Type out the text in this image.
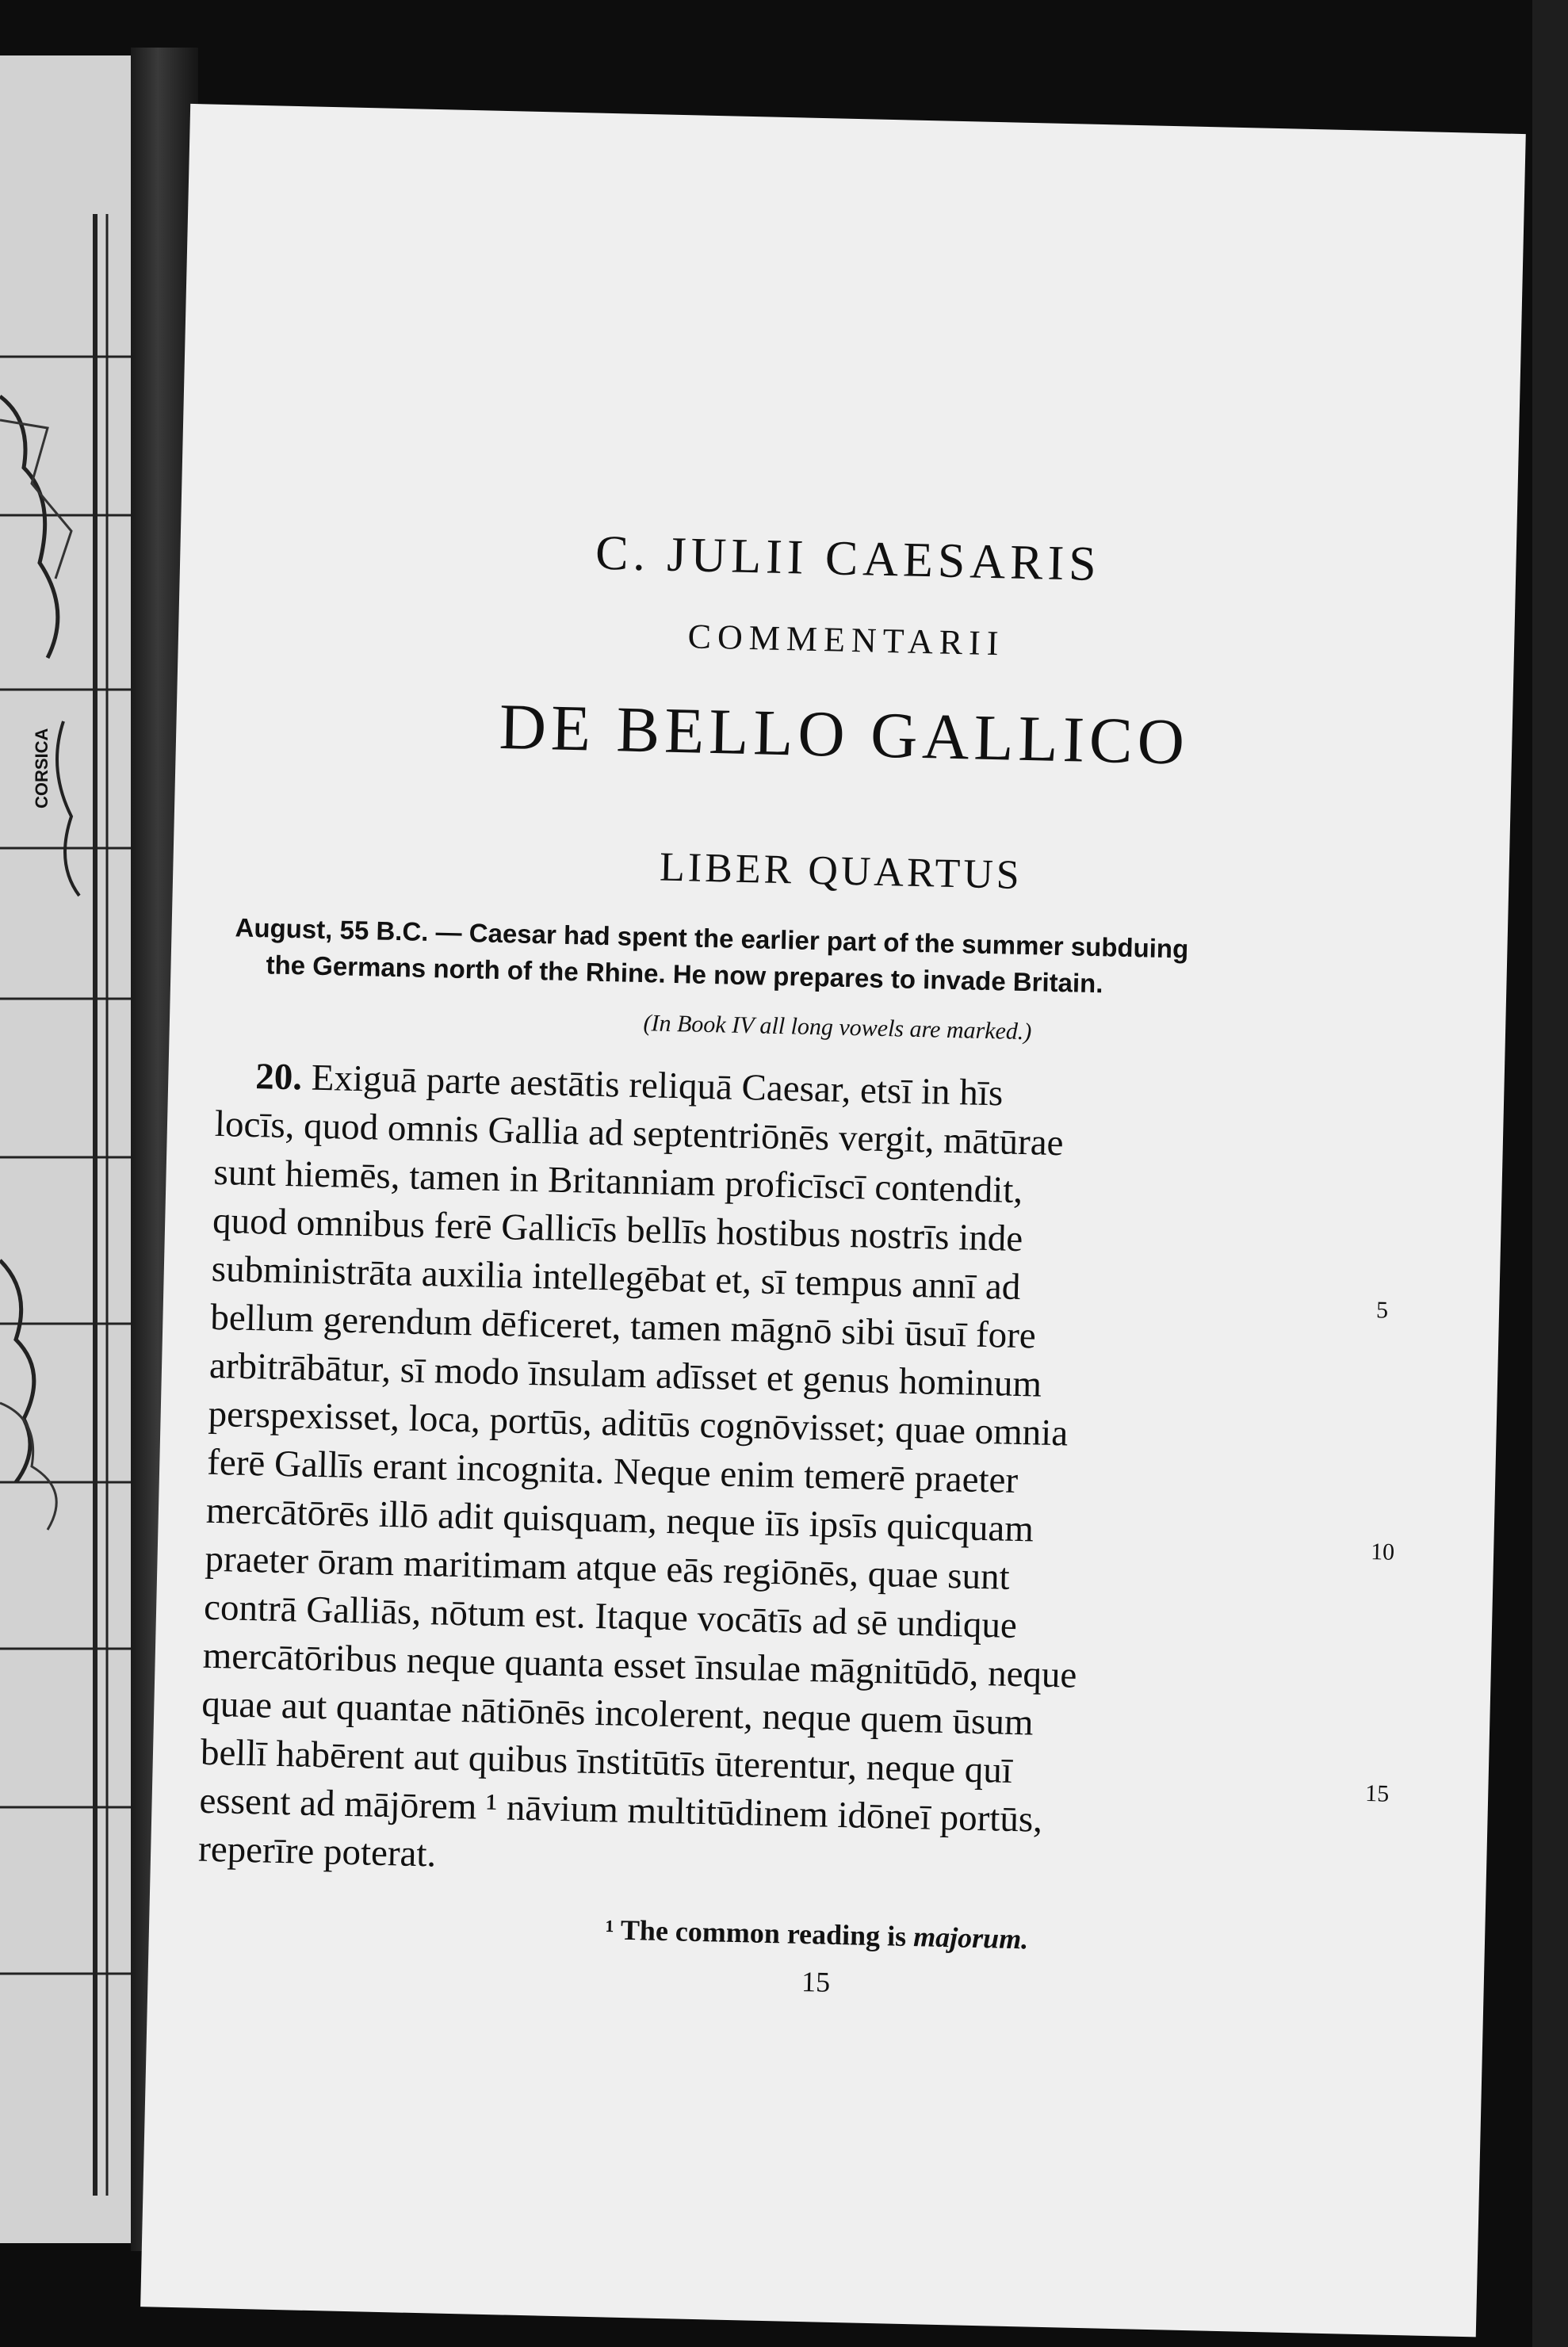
CORSICA
C. JULII CAESARIS
COMMENTARII
DE BELLO GALLICO
LIBER QUARTUS
August, 55 B.C. — Caesar had spent the earlier part of the summer subduing
the Germans north of the Rhine. He now prepares to invade Britain.
(In Book IV all long vowels are marked.)
20. Exiguā parte aestātis reliquā Caesar, etsī in hīs
locīs, quod omnis Gallia ad septentriōnēs vergit, mātūrae
sunt hiemēs, tamen in Britanniam proficīscī contendit,
quod omnibus ferē Gallicīs bellīs hostibus nostrīs inde
subministrāta auxilia intellegēbat et, sī tempus annī ad
bellum gerendum dēficeret, tamen māgnō sibi ūsuī fore
arbitrābātur, sī modo īnsulam adīsset et genus hominum
perspexisset, loca, portūs, aditūs cognōvisset; quae omnia
ferē Gallīs erant incognita. Neque enim temerē praeter
mercātōrēs illō adit quisquam, neque iīs ipsīs quicquam
praeter ōram maritimam atque eās regiōnēs, quae sunt
contrā Galliās, nōtum est. Itaque vocātīs ad sē undique
mercātōribus neque quanta esset īnsulae māgnitūdō, neque
quae aut quantae nātiōnēs incolerent, neque quem ūsum
bellī habērent aut quibus īnstitūtīs ūterentur, neque quī
essent ad mājōrem ¹ nāvium multitūdinem idōneī portūs,
reperīre poterat.
5
10
15
¹ The common reading is majorum.
15
